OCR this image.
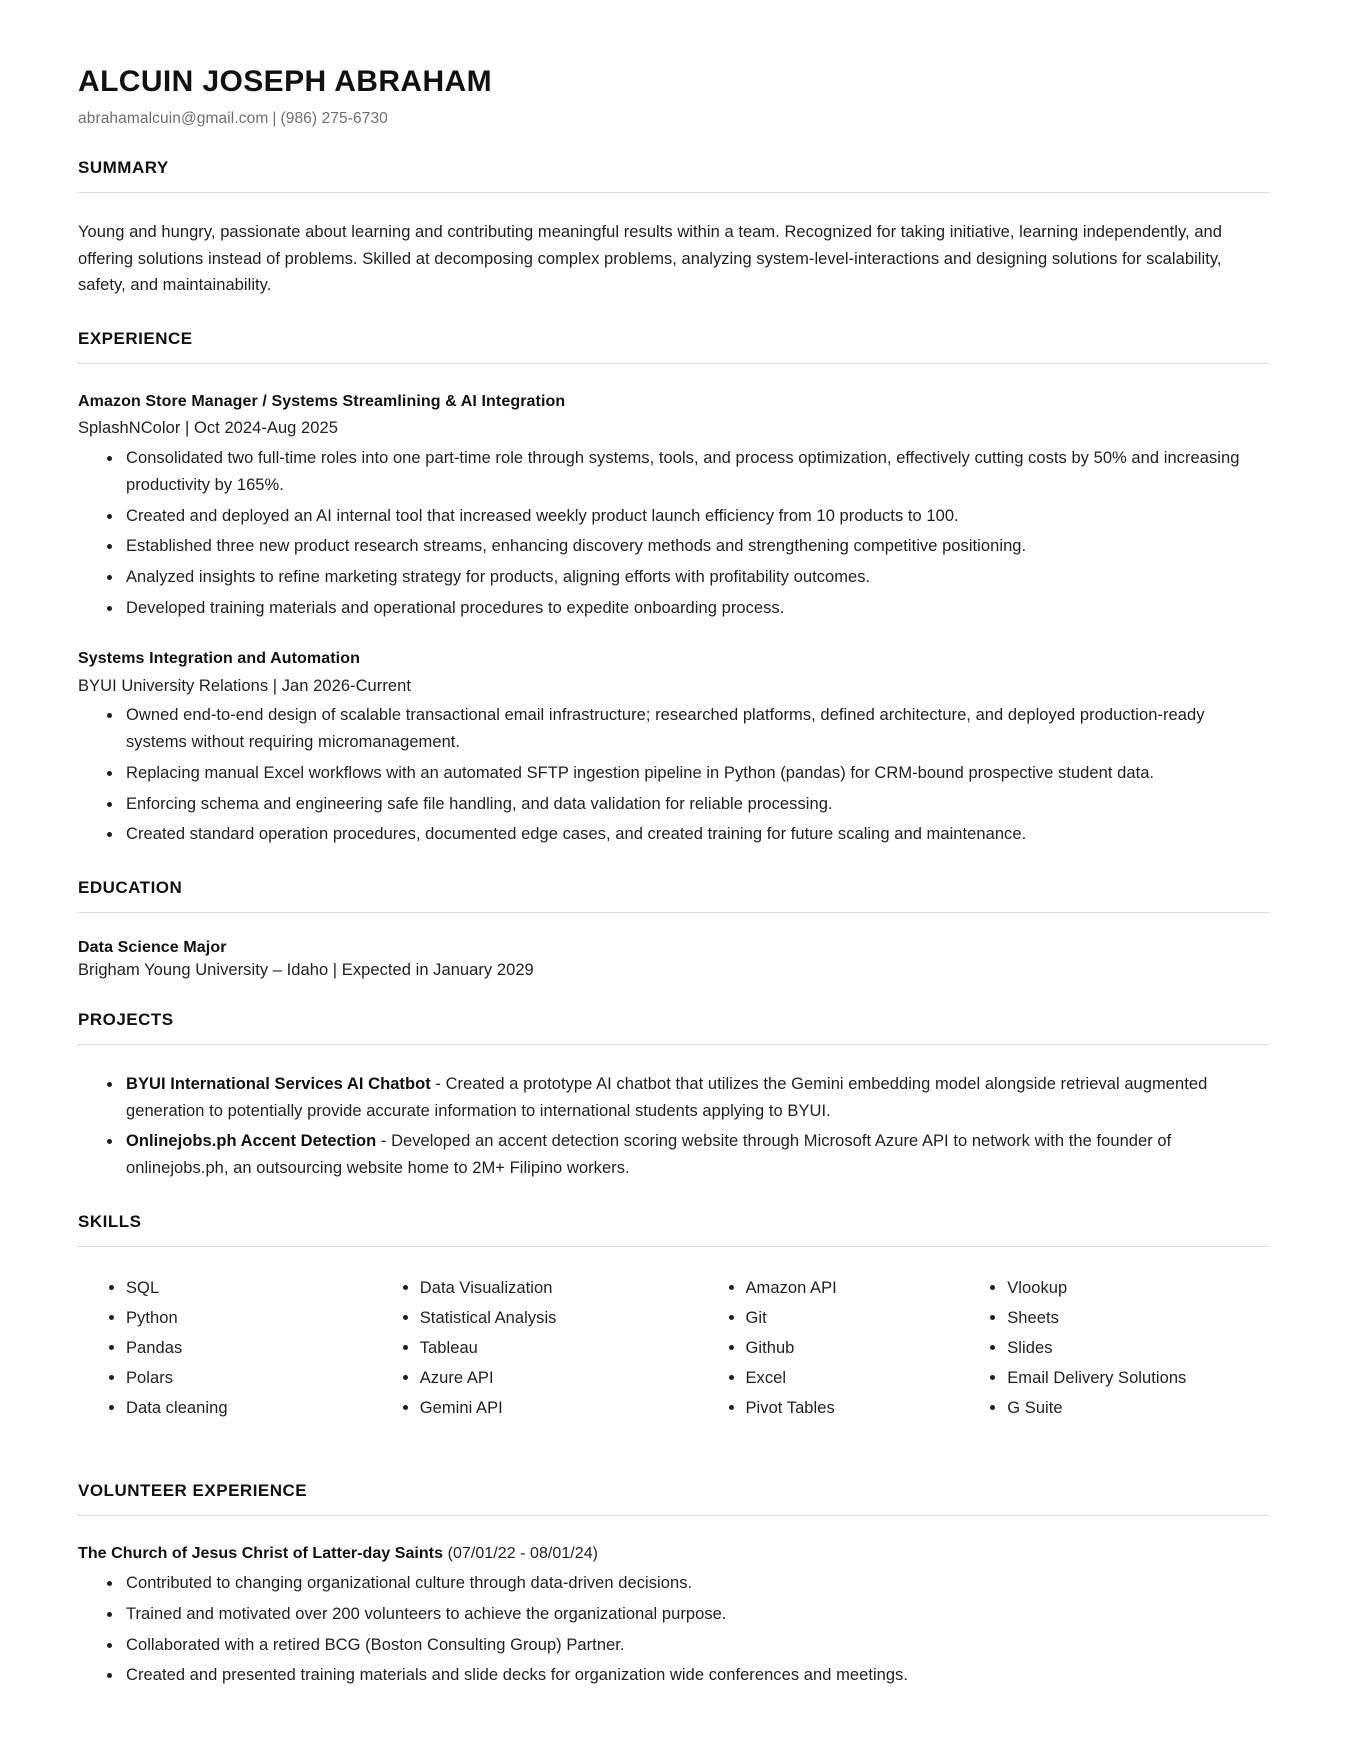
ALCUIN JOSEPH ABRAHAM
abrahamalcuin@gmail.com | (986) 275-6730
SUMMARY

Young and hungry, passionate about learning and contributing meaningful results within a team. Recognized for taking initiative, learning independently, and offering solutions instead of problems. Skilled at decomposing complex problems, analyzing system-level-interactions and designing solutions for scalability, safety, and maintainability.

EXPERIENCE
Amazon Store Manager / Systems Streamlining & AI Integration
SplashNColor | Oct 2024-Aug 2025
Consolidated two full-time roles into one part-time role through systems, tools, and process optimization, effectively cutting costs by 50% and increasing productivity by 165%.
Created and deployed an AI internal tool that increased weekly product launch efficiency from 10 products to 100.
Established three new product research streams, enhancing discovery methods and strengthening competitive positioning.
Analyzed insights to refine marketing strategy for products, aligning efforts with profitability outcomes.
Developed training materials and operational procedures to expedite onboarding process.
Systems Integration and Automation
BYUI University Relations | Jan 2026-Current
Owned end-to-end design of scalable transactional email infrastructure; researched platforms, defined architecture, and deployed production-ready systems without requiring micromanagement.
Replacing manual Excel workflows with an automated SFTP ingestion pipeline in Python (pandas) for CRM-bound prospective student data.
Enforcing schema and engineering safe file handling, and data validation for reliable processing.
Created standard operation procedures, documented edge cases, and created training for future scaling and maintenance.
EDUCATION
Data Science Major
Brigham Young University – Idaho | Expected in January 2029
PROJECTS
BYUI International Services AI Chatbot - Created a prototype AI chatbot that utilizes the Gemini embedding model alongside retrieval augmented generation to potentially provide accurate information to international students applying to BYUI.
Onlinejobs.ph Accent Detection - Developed an accent detection scoring website through Microsoft Azure API to network with the founder of onlinejobs.ph, an outsourcing website home to 2M+ Filipino workers.
SKILLS
SQL
Python
Pandas
Polars
Data cleaning
Data Visualization
Statistical Analysis
Tableau
Azure API
Gemini API
Amazon API
Git
Github
Excel
Pivot Tables
Vlookup
Sheets
Slides
Email Delivery Solutions
G Suite
VOLUNTEER EXPERIENCE
The Church of Jesus Christ of Latter-day Saints (07/01/22 - 08/01/24)
Contributed to changing organizational culture through data-driven decisions.
Trained and motivated over 200 volunteers to achieve the organizational purpose.
Collaborated with a retired BCG (Boston Consulting Group) Partner.
Created and presented training materials and slide decks for organization wide conferences and meetings.
